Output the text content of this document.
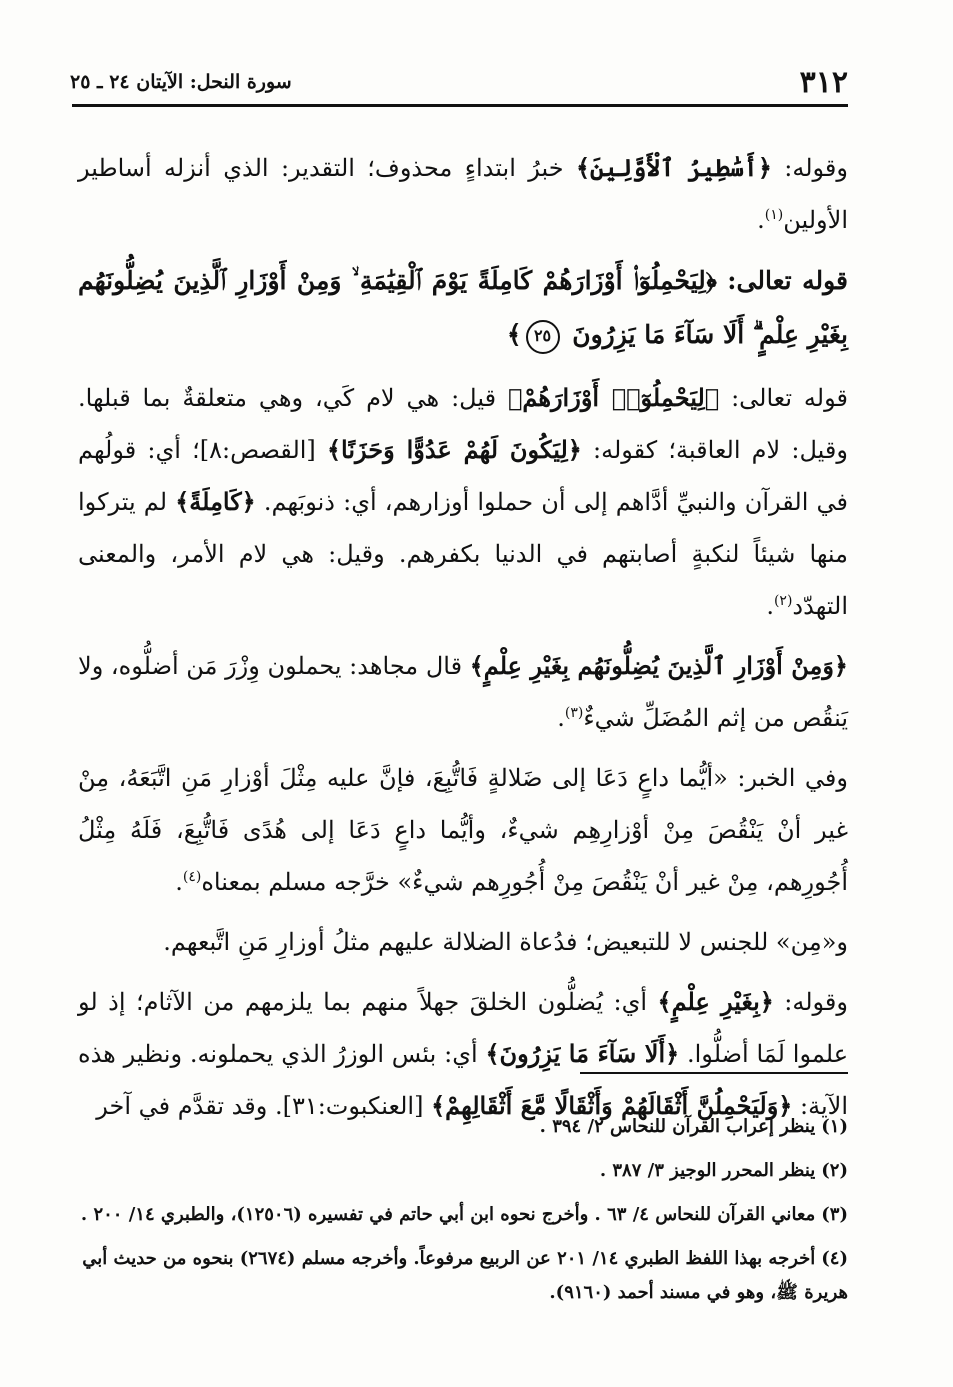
٣١٢
سورة النحل: الآيتان ٢٤ ـ ٢٥

وقوله: ﴿أَسَٰطِيرُ ٱلْأَوَّلِينَ﴾ خبرُ ابتداءٍ محذوف؛ التقدير: الذي أنزله أساطير الأولين$^{(١)}$.

قوله تعالى: ﴿لِيَحْمِلُوٓا۟ أَوْزَارَهُمْ كَامِلَةً يَوْمَ ٱلْقِيَٰمَةِ ۙ وَمِنْ أَوْزَارِ ٱلَّذِينَ يُضِلُّونَهُم بِغَيْرِ عِلْمٍ ۗ أَلَا سَآءَ مَا يَزِرُونَ ٢٥﴾

قوله تعالى: ﴿لِيَحْمِلُوٓا۟ أَوْزَارَهُمْ﴾ قيل: هي لام كَي، وهي متعلقةٌ بما قبلها. وقيل: لام العاقبة؛ كقوله: ﴿لِيَكُونَ لَهُمْ عَدُوًّا وَحَزَنًا﴾ [القصص:٨]؛ أي: قولُهم في القرآن والنبيِّ أدَّاهم إلى أن حملوا أوزارهم، أي: ذنوبَهم. ﴿كَامِلَةً﴾ لم يتركوا منها شيئاً لنكبةٍ أصابتهم في الدنيا بكفرهم. وقيل: هي لام الأمر، والمعنى التهدّد$^{(٢)}$.

﴿وَمِنْ أَوْزَارِ ٱلَّذِينَ يُضِلُّونَهُم بِغَيْرِ عِلْمٍ﴾ قال مجاهد: يحملون وِزْرَ مَن أضلُّوه، ولا يَنقُص من إثم المُضَلِّ شيءٌ$^{(٣)}$.

وفي الخبر: «أيُّما داعٍ دَعَا إلى ضَلالةٍ فَاتُّبِعَ، فإنَّ عليه مِثْلَ أوْزارِ مَنِ اتَّبَعَهُ، مِنْ غير أنْ يَنْقُصَ مِنْ أوْزارِهِم شيءٌ، وأيُّما داعٍ دَعَا إلى هُدًى فَاتُّبِعَ، فَلَهُ مِثْلُ أُجُورِهم، مِنْ غير أنْ يَنْقُصَ مِنْ أُجُورِهم شيءٌ» خرَّجه مسلم بمعناه$^{(٤)}$.

و«مِن» للجنس لا للتبعيض؛ فدُعاة الضلالة عليهم مثلُ أوزارِ مَنِ اتَّبعهم.

وقوله: ﴿بِغَيْرِ عِلْمٍ﴾ أي: يُضلُّون الخلقَ جهلاً منهم بما يلزمهم من الآثام؛ إذ لو علموا لَمَا أضلُّوا. ﴿أَلَا سَآءَ مَا يَزِرُونَ﴾ أي: بئس الوزرُ الذي يحملونه. ونظير هذه الآية: ﴿وَلَيَحْمِلُنَّ أَثْقَالَهُمْ وَأَثْقَالًا مَّعَ أَثْقَالِهِمْ﴾ [العنكبوت:٣١]. وقد تقدَّم في آخر

(١)ينظر إعراب القرآن للنحاس ٢/ ٣٩٤ .
(٢)ينظر المحرر الوجيز ٣/ ٣٨٧ .
(٣)معاني القرآن للنحاس ٤/ ٦٣ . وأخرج نحوه ابن أبي حاتم في تفسيره (١٢٥٠٦)، والطبري ١٤/ ٢٠٠ .
(٤)أخرجه بهذا اللفظ الطبري ١٤/ ٢٠١ عن الربيع مرفوعاً. وأخرجه مسلم (٢٦٧٤) بنحوه من حديث أبي هريرة ﷺ، وهو في مسند أحمد (٩١٦٠).
